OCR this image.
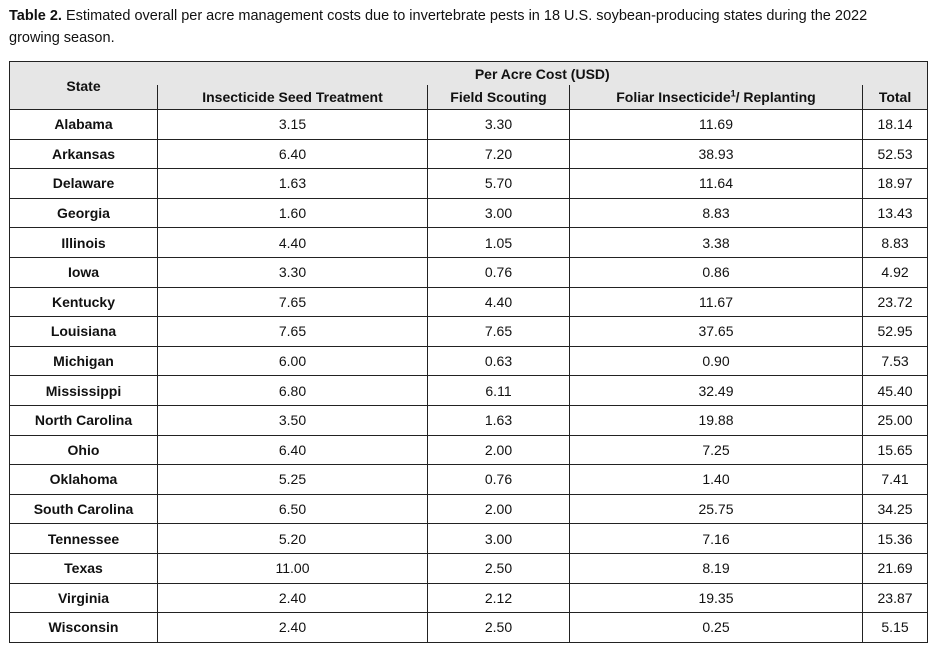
Table 2. Estimated overall per acre management costs due to invertebrate pests in 18 U.S. soybean-producing states during the 2022 growing season.
State	Per Acre Cost (USD)			
	Insecticide Seed Treatment	Field Scouting	Foliar Insecticide$^1$/ Replanting	Total
Alabama	3.15	3.30	11.69	18.14
Arkansas	6.40	7.20	38.93	52.53
Delaware	1.63	5.70	11.64	18.97
Georgia	1.60	3.00	8.83	13.43
Illinois	4.40	1.05	3.38	8.83
Iowa	3.30	0.76	0.86	4.92
Kentucky	7.65	4.40	11.67	23.72
Louisiana	7.65	7.65	37.65	52.95
Michigan	6.00	0.63	0.90	7.53
Mississippi	6.80	6.11	32.49	45.40
North Carolina	3.50	1.63	19.88	25.00
Ohio	6.40	2.00	7.25	15.65
Oklahoma	5.25	0.76	1.40	7.41
South Carolina	6.50	2.00	25.75	34.25
Tennessee	5.20	3.00	7.16	15.36
Texas	11.00	2.50	8.19	21.69
Virginia	2.40	2.12	19.35	23.87
Wisconsin	2.40	2.50	0.25	5.15
